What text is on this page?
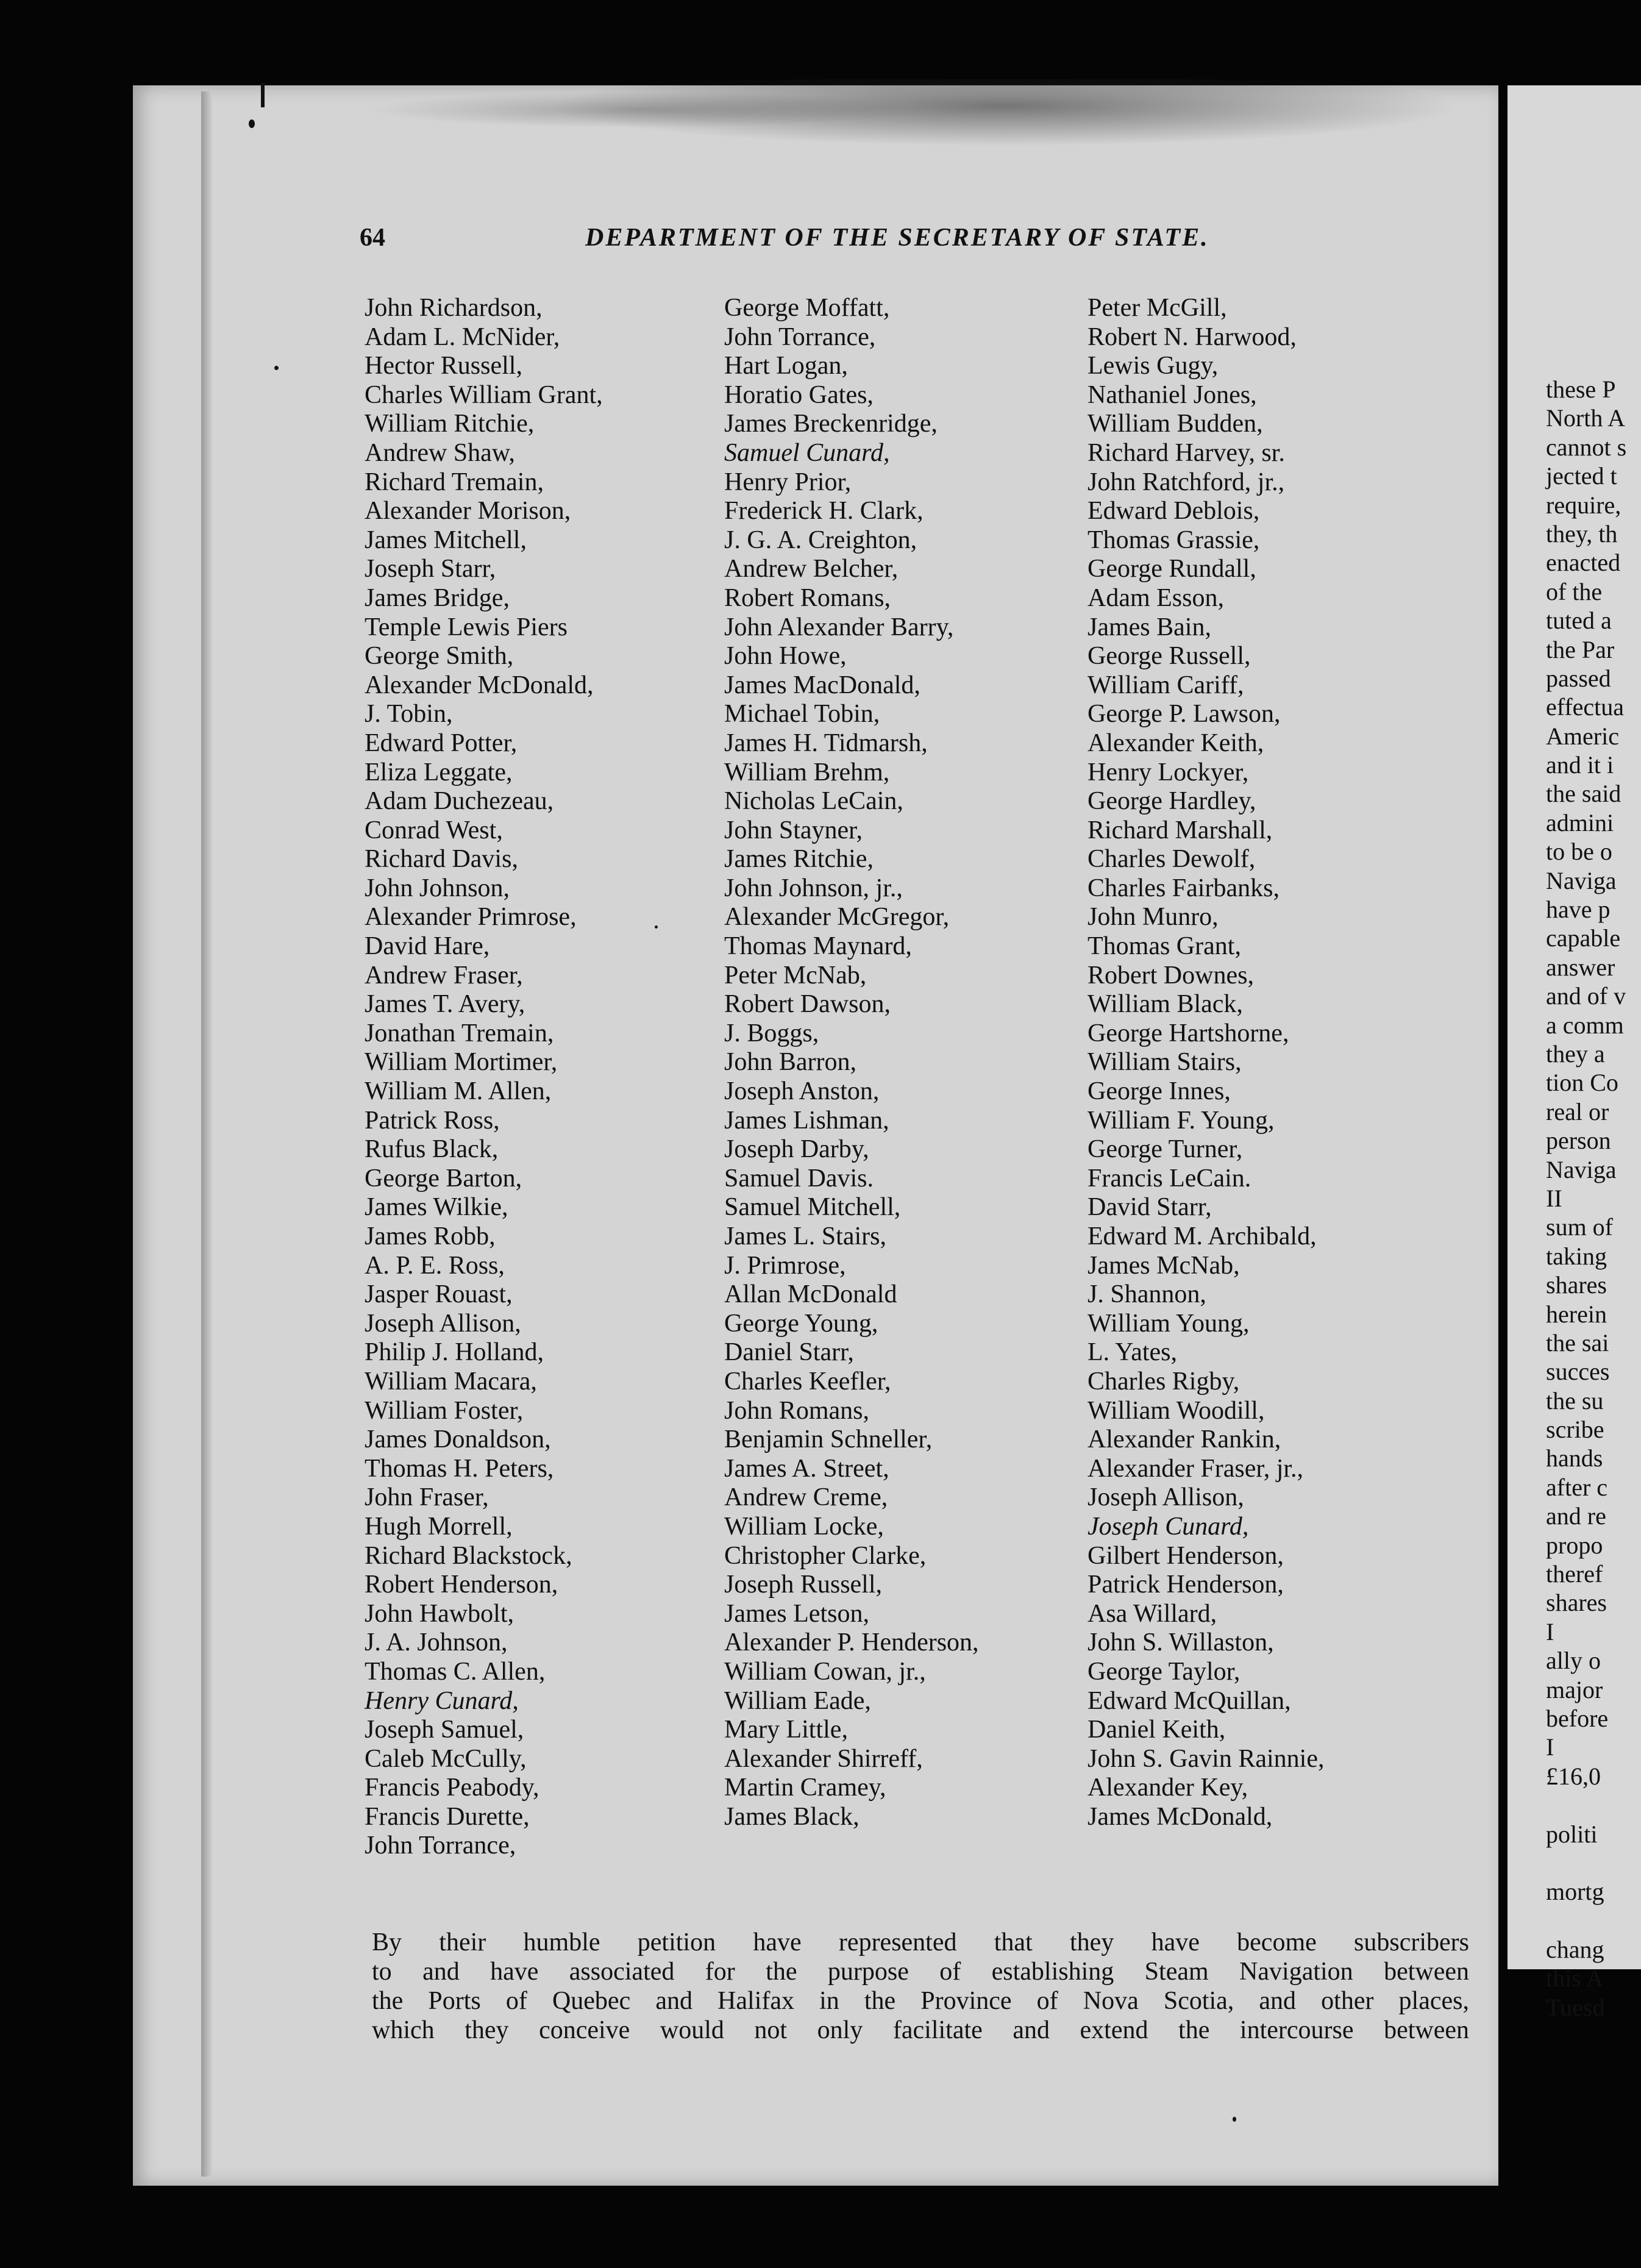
these P
North A
cannot s
jected t
require,
they, th
enacted
of the
tuted a
the Par
passed
effectua
Americ
and it i
the said
admini
to be o
Naviga
have p
capable
answer
and of v
a comm
they a
tion Co
real or
person
Naviga
II
sum of
taking
shares
herein
the sai
succes
the su
scribe
hands
after c
and re
propo
theref
shares
I
ally o
major
before
I
£16,0
politi
mortg
chang
this A
Tuesd
64	DEPARTMENT OF THE SECRETARY OF STATE.
John Richardson,
Adam L. McNider,
Hector Russell,
Charles William Grant,
William Ritchie,
Andrew Shaw,
Richard Tremain,
Alexander Morison,
James Mitchell,
Joseph Starr,
James Bridge,
Temple Lewis Piers
George Smith,
Alexander McDonald,
J. Tobin,
Edward Potter,
Eliza Leggate,
Adam Duchezeau,
Conrad West,
Richard Davis,
John Johnson,
Alexander Primrose,
David Hare,
Andrew Fraser,
James T. Avery,
Jonathan Tremain,
William Mortimer,
William M. Allen,
Patrick Ross,
Rufus Black,
George Barton,
James Wilkie,
James Robb,
A. P. E. Ross,
Jasper Rouast,
Joseph Allison,
Philip J. Holland,
William Macara,
William Foster,
James Donaldson,
Thomas H. Peters,
John Fraser,
Hugh Morrell,
Richard Blackstock,
Robert Henderson,
John Hawbolt,
J. A. Johnson,
Thomas C. Allen,
Henry Cunard,
Joseph Samuel,
Caleb McCully,
Francis Peabody,
Francis Durette,
John Torrance,
George Moffatt,
John Torrance,
Hart Logan,
Horatio Gates,
James Breckenridge,
Samuel Cunard,
Henry Prior,
Frederick H. Clark,
J. G. A. Creighton,
Andrew Belcher,
Robert Romans,
John Alexander Barry,
John Howe,
James MacDonald,
Michael Tobin,
James H. Tidmarsh,
William Brehm,
Nicholas LeCain,
John Stayner,
James Ritchie,
John Johnson, jr.,
Alexander McGregor,
Thomas Maynard,
Peter McNab,
Robert Dawson,
J. Boggs,
John Barron,
Joseph Anston,
James Lishman,
Joseph Darby,
Samuel Davis.
Samuel Mitchell,
James L. Stairs,
J. Primrose,
Allan McDonald
George Young,
Daniel Starr,
Charles Keefler,
John Romans,
Benjamin Schneller,
James A. Street,
Andrew Creme,
William Locke,
Christopher Clarke,
Joseph Russell,
James Letson,
Alexander P. Henderson,
William Cowan, jr.,
William Eade,
Mary Little,
Alexander Shirreff,
Martin Cramey,
James Black,
Peter McGill,
Robert N. Harwood,
Lewis Gugy,
Nathaniel Jones,
William Budden,
Richard Harvey, sr.
John Ratchford, jr.,
Edward Deblois,
Thomas Grassie,
George Rundall,
Adam Esson,
James Bain,
George Russell,
William Cariff,
George P. Lawson,
Alexander Keith,
Henry Lockyer,
George Hardley,
Richard Marshall,
Charles Dewolf,
Charles Fairbanks,
John Munro,
Thomas Grant,
Robert Downes,
William Black,
George Hartshorne,
William Stairs,
George Innes,
William F. Young,
George Turner,
Francis LeCain.
David Starr,
Edward M. Archibald,
James McNab,
J. Shannon,
William Young,
L. Yates,
Charles Rigby,
William Woodill,
Alexander Rankin,
Alexander Fraser, jr.,
Joseph Allison,
Joseph Cunard,
Gilbert Henderson,
Patrick Henderson,
Asa Willard,
John S. Willaston,
George Taylor,
Edward McQuillan,
Daniel Keith,
John S. Gavin Rainnie,
Alexander Key,
James McDonald,

By their humble petition have represented that they have become subscribers
to and have associated for the purpose of establishing Steam Navigation between
the Ports of Quebec and Halifax in the Province of Nova Scotia, and other places,
which they conceive would not only facilitate and extend the intercourse between
